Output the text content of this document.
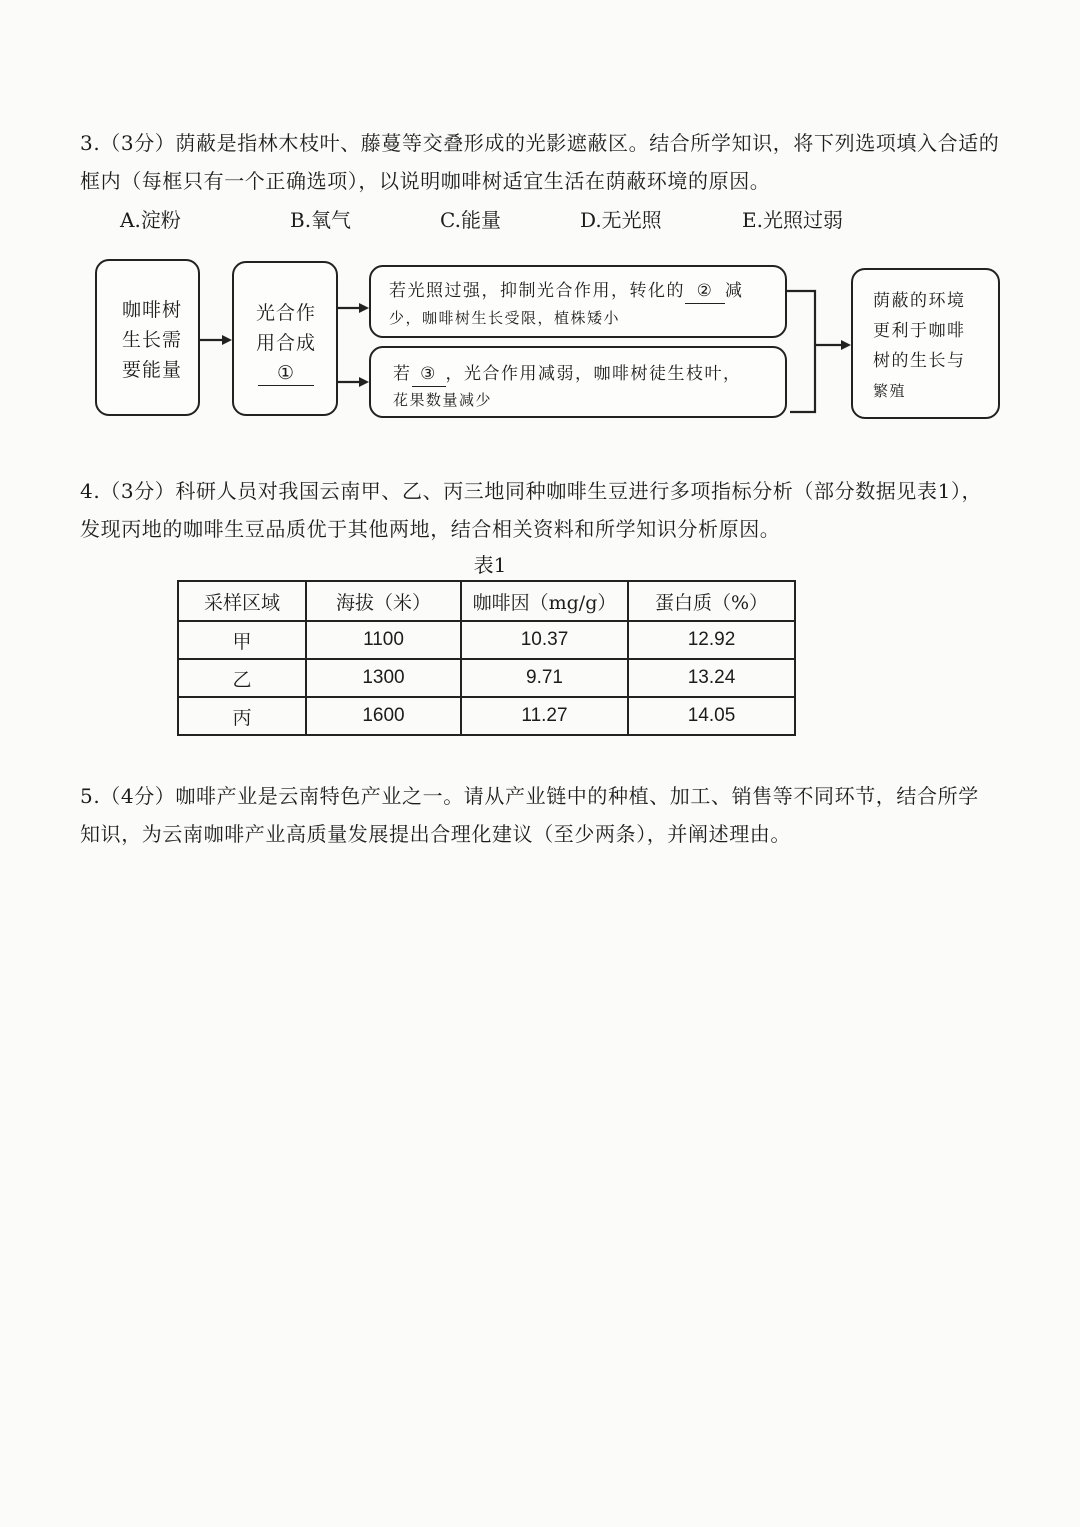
3.（3分）荫蔽是指林木枝叶、藤蔓等交叠形成的光影遮蔽区。结合所学知识，将下列选项填入合适的
框内（每框只有一个正确选项），以说明咖啡树适宜生活在荫蔽环境的原因。
A.淀粉	B.氧气	C.能量	D.无光照	E.光照过弱
咖啡树
生长需
要能量
光合作
用合成
①
若光照过强，抑制光合作用，转化的 ② 减
少，咖啡树生长受限，植株矮小
若 ③ ，光合作用减弱，咖啡树徒生枝叶，
花果数量减少
荫蔽的环境
更利于咖啡
树的生长与
繁殖
4.（3分）科研人员对我国云南甲、乙、丙三地同种咖啡生豆进行多项指标分析（部分数据见表1），
发现丙地的咖啡生豆品质优于其他两地，结合相关资料和所学知识分析原因。
表1
采样区域	海拔（米）	咖啡因（mg/g）	蛋白质（%）
甲	1100	10.37	12.92
乙	1300	9.71	13.24
丙	1600	11.27	14.05
5.（4分）咖啡产业是云南特色产业之一。请从产业链中的种植、加工、销售等不同环节，结合所学
知识，为云南咖啡产业高质量发展提出合理化建议（至少两条），并阐述理由。
